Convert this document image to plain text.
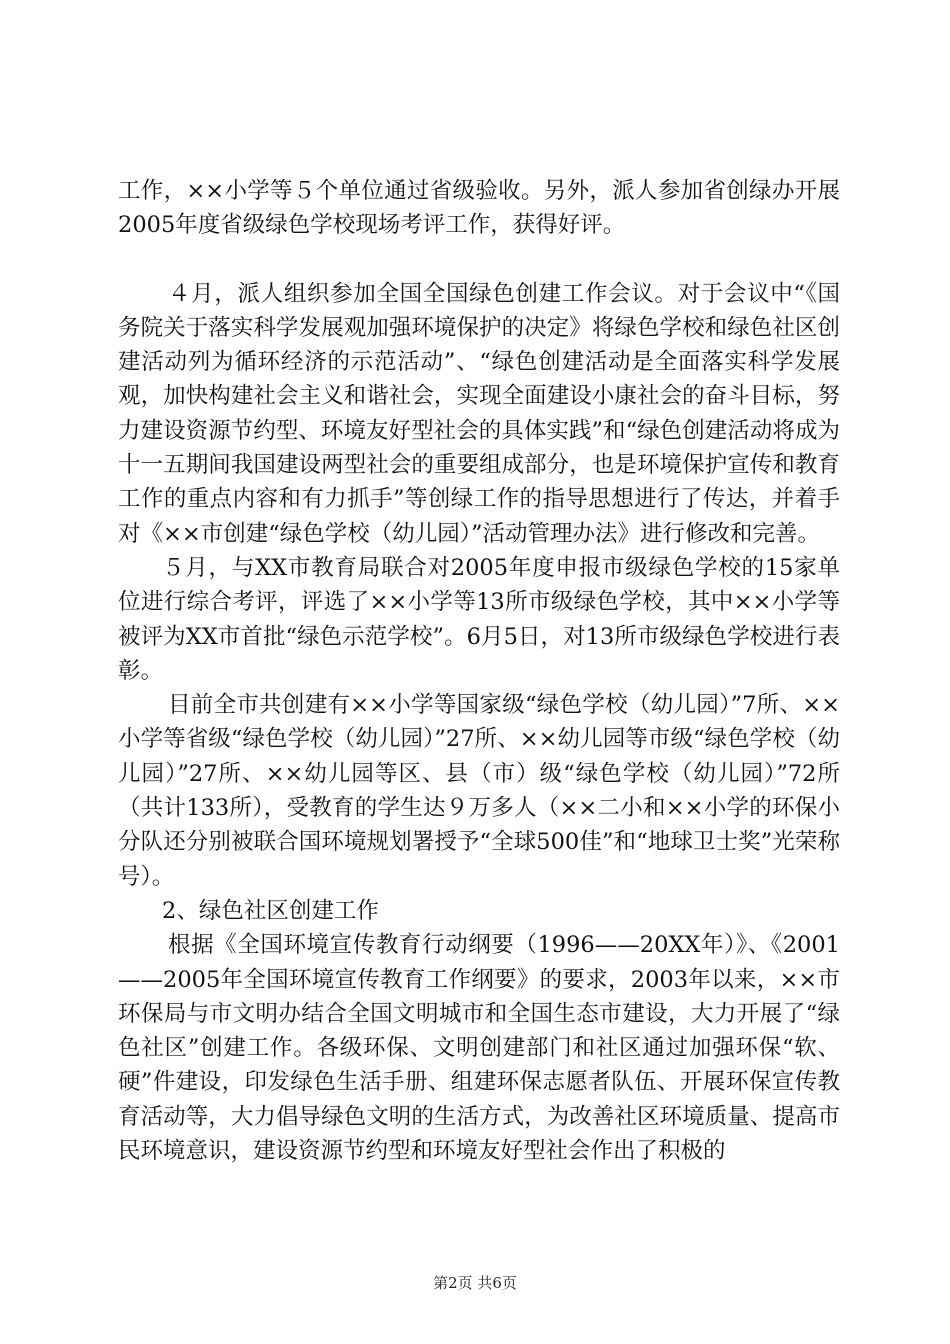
工作，××小学等５个单位通过省级验收。另外，派人参加省创绿办开展2005年度省级绿色学校现场考评工作，获得好评。

４月，派人组织参加全国全国绿色创建工作会议。对于会议中“《国务院关于落实科学发展观加强环境保护的决定》将绿色学校和绿色社区创建活动列为循环经济的示范活动”、“绿色创建活动是全面落实科学发展观，加快构建社会主义和谐社会，实现全面建设小康社会的奋斗目标，努力建设资源节约型、环境友好型社会的具体实践”和“绿色创建活动将成为十一五期间我国建设两型社会的重要组成部分，也是环境保护宣传和教育工作的重点内容和有力抓手”等创绿工作的指导思想进行了传达，并着手对《××市创建“绿色学校（幼儿园）”活动管理办法》进行修改和完善。

５月，与XX市教育局联合对2005年度申报市级绿色学校的15家单位进行综合考评，评选了××小学等13所市级绿色学校，其中××小学等被评为XX市首批“绿色示范学校”。6月5日，对13所市级绿色学校进行表彰。

目前全市共创建有××小学等国家级“绿色学校（幼儿园）”7所、××小学等省级“绿色学校（幼儿园）”27所、××幼儿园等市级“绿色学校（幼儿园）”27所、××幼儿园等区、县（市）级“绿色学校（幼儿园）”72所（共计133所），受教育的学生达９万多人（××二小和××小学的环保小分队还分别被联合国环境规划署授予“全球500佳”和“地球卫士奖”光荣称号）。

2、绿色社区创建工作

根据《全国环境宣传教育行动纲要（1996——20XX年）》、《2001——2005年全国环境宣传教育工作纲要》的要求，2003年以来，××市环保局与市文明办结合全国文明城市和全国生态市建设，大力开展了“绿色社区”创建工作。各级环保、文明创建部门和社区通过加强环保“软、硬”件建设，印发绿色生活手册、组建环保志愿者队伍、开展环保宣传教育活动等，大力倡导绿色文明的生活方式，为改善社区环境质量、提高市民环境意识，建设资源节约型和环境友好型社会作出了积极的

第2页 共6页
